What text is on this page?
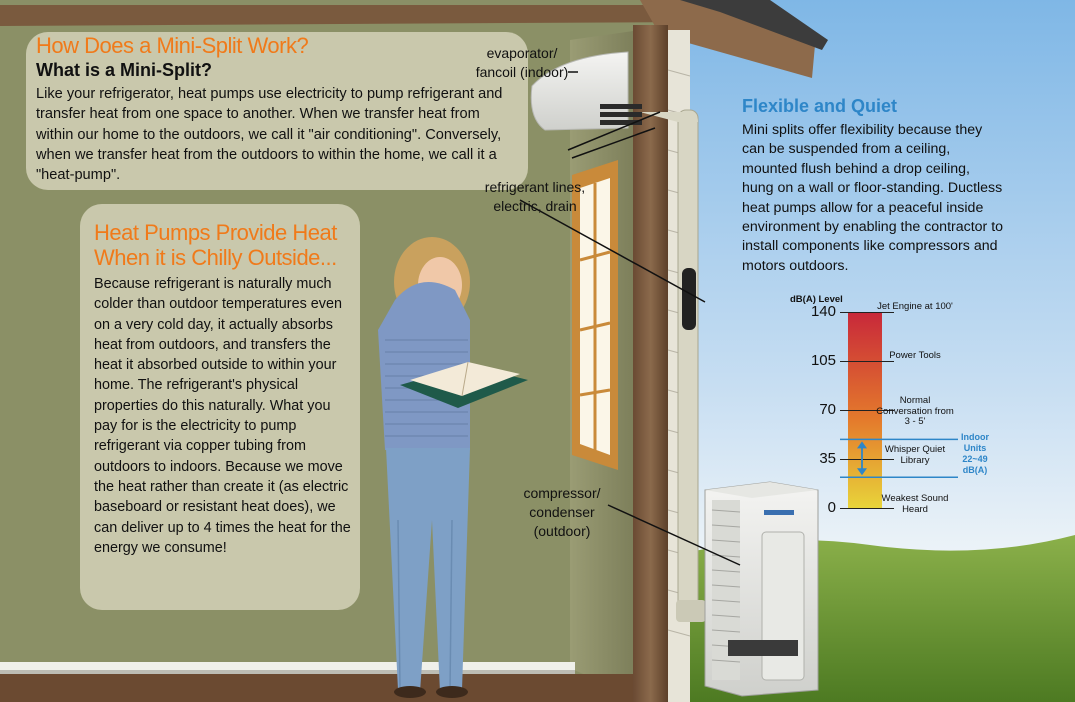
How Does a Mini-Split Work?
What is a Mini-Split?
Like your refrigerator, heat pumps use electricity to pump refrigerant and transfer heat from one space to another. When we transfer heat from within our home to the outdoors, we call it "air conditioning". Conversely, when we transfer heat from the outdoors to within the home, we call it a "heat-pump".
Heat Pumps Provide Heat
When it is Chilly Outside...
Because refrigerant is naturally much colder than outdoor temperatures even on a very cold day, it actually absorbs heat from outdoors, and transfers the heat it absorbed outside to within your home. The refrigerant's physical properties do this naturally. What you pay for is the electricity to pump refrigerant via copper tubing from outdoors to indoors. Because we move the heat rather than create it (as electric baseboard or resistant heat does), we can deliver up to 4 times the heat for the energy we consume!
evaporator/
fancoil (indoor)
refrigerant lines,
electric, drain
compressor/
condenser
(outdoor)
Flexible and Quiet
Mini splits offer flexibility because they can be suspended from a ceiling, mounted flush behind a drop ceiling, hung on a wall or floor-standing. Ductless heat pumps allow for a peaceful inside environment by enabling the contractor to install components like compressors and motors outdoors.
dB(A) Level
140	Jet Engine at 100'
105	Power Tools
70
Normal Conversation from 3 - 5'
35
Whisper Quiet Library
0
Weakest Sound Heard
Indoor Units 22~49 dB(A)
